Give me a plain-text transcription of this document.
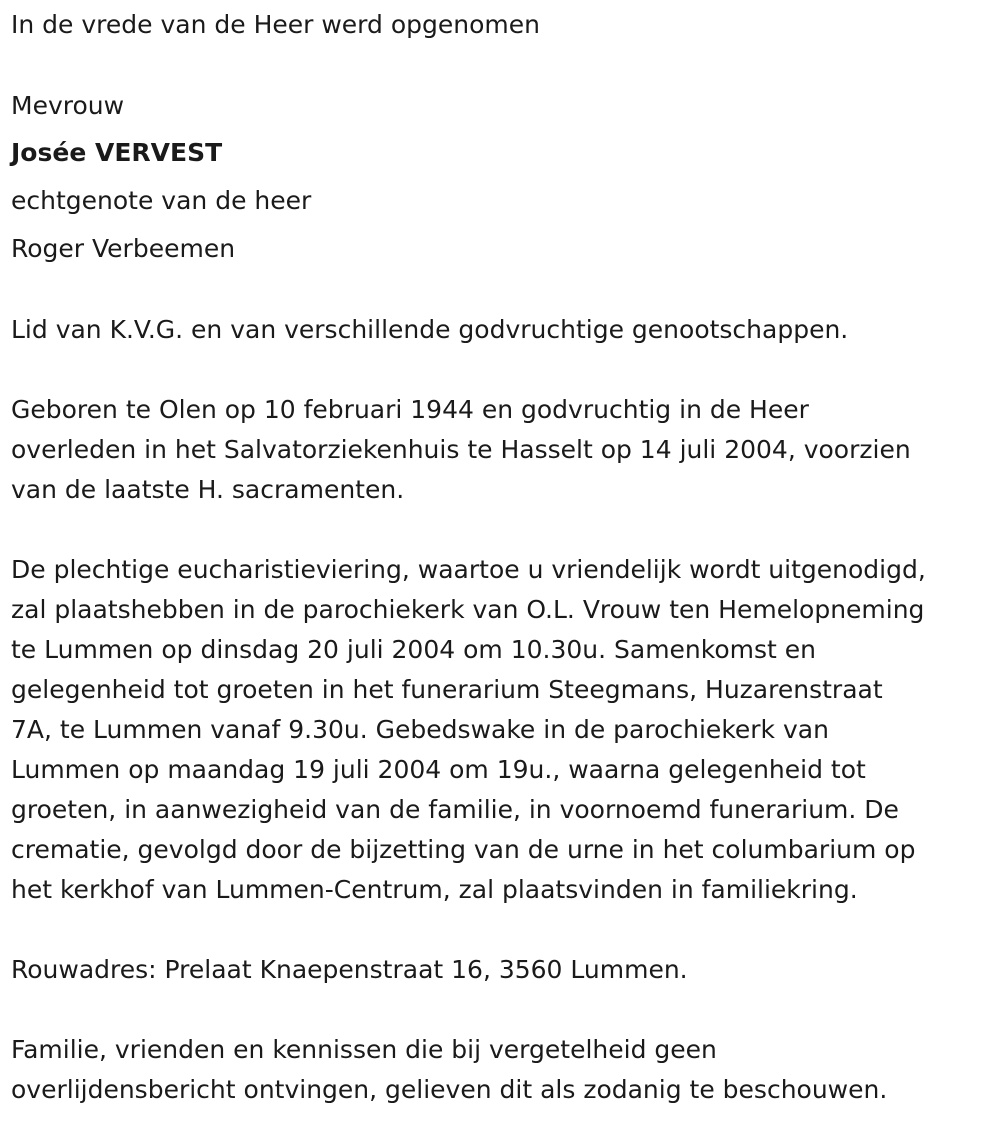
In de vrede van de Heer werd opgenomen

Mevrouw

Josée VERVEST

echtgenote van de heer

Roger Verbeemen

Lid van K.V.G. en van verschillende godvruchtige genootschappen.

Geboren te Olen op 10 februari 1944 en godvruchtig in de Heer

overleden in het Salvatorziekenhuis te Hasselt op 14 juli 2004, voorzien

van de laatste H. sacramenten.

De plechtige eucharistieviering, waartoe u vriendelijk wordt uitgenodigd,

zal plaatshebben in de parochiekerk van O.L. Vrouw ten Hemelopneming

te Lummen op dinsdag 20 juli 2004 om 10.30u. Samenkomst en

gelegenheid tot groeten in het funerarium Steegmans, Huzarenstraat

7A, te Lummen vanaf 9.30u. Gebedswake in de parochiekerk van

Lummen op maandag 19 juli 2004 om 19u., waarna gelegenheid tot

groeten, in aanwezigheid van de familie, in voornoemd funerarium. De

crematie, gevolgd door de bijzetting van de urne in het columbarium op

het kerkhof van Lummen-Centrum, zal plaatsvinden in familiekring.

Rouwadres: Prelaat Knaepenstraat 16, 3560 Lummen.

Familie, vrienden en kennissen die bij vergetelheid geen

overlijdensbericht ontvingen, gelieven dit als zodanig te beschouwen.
